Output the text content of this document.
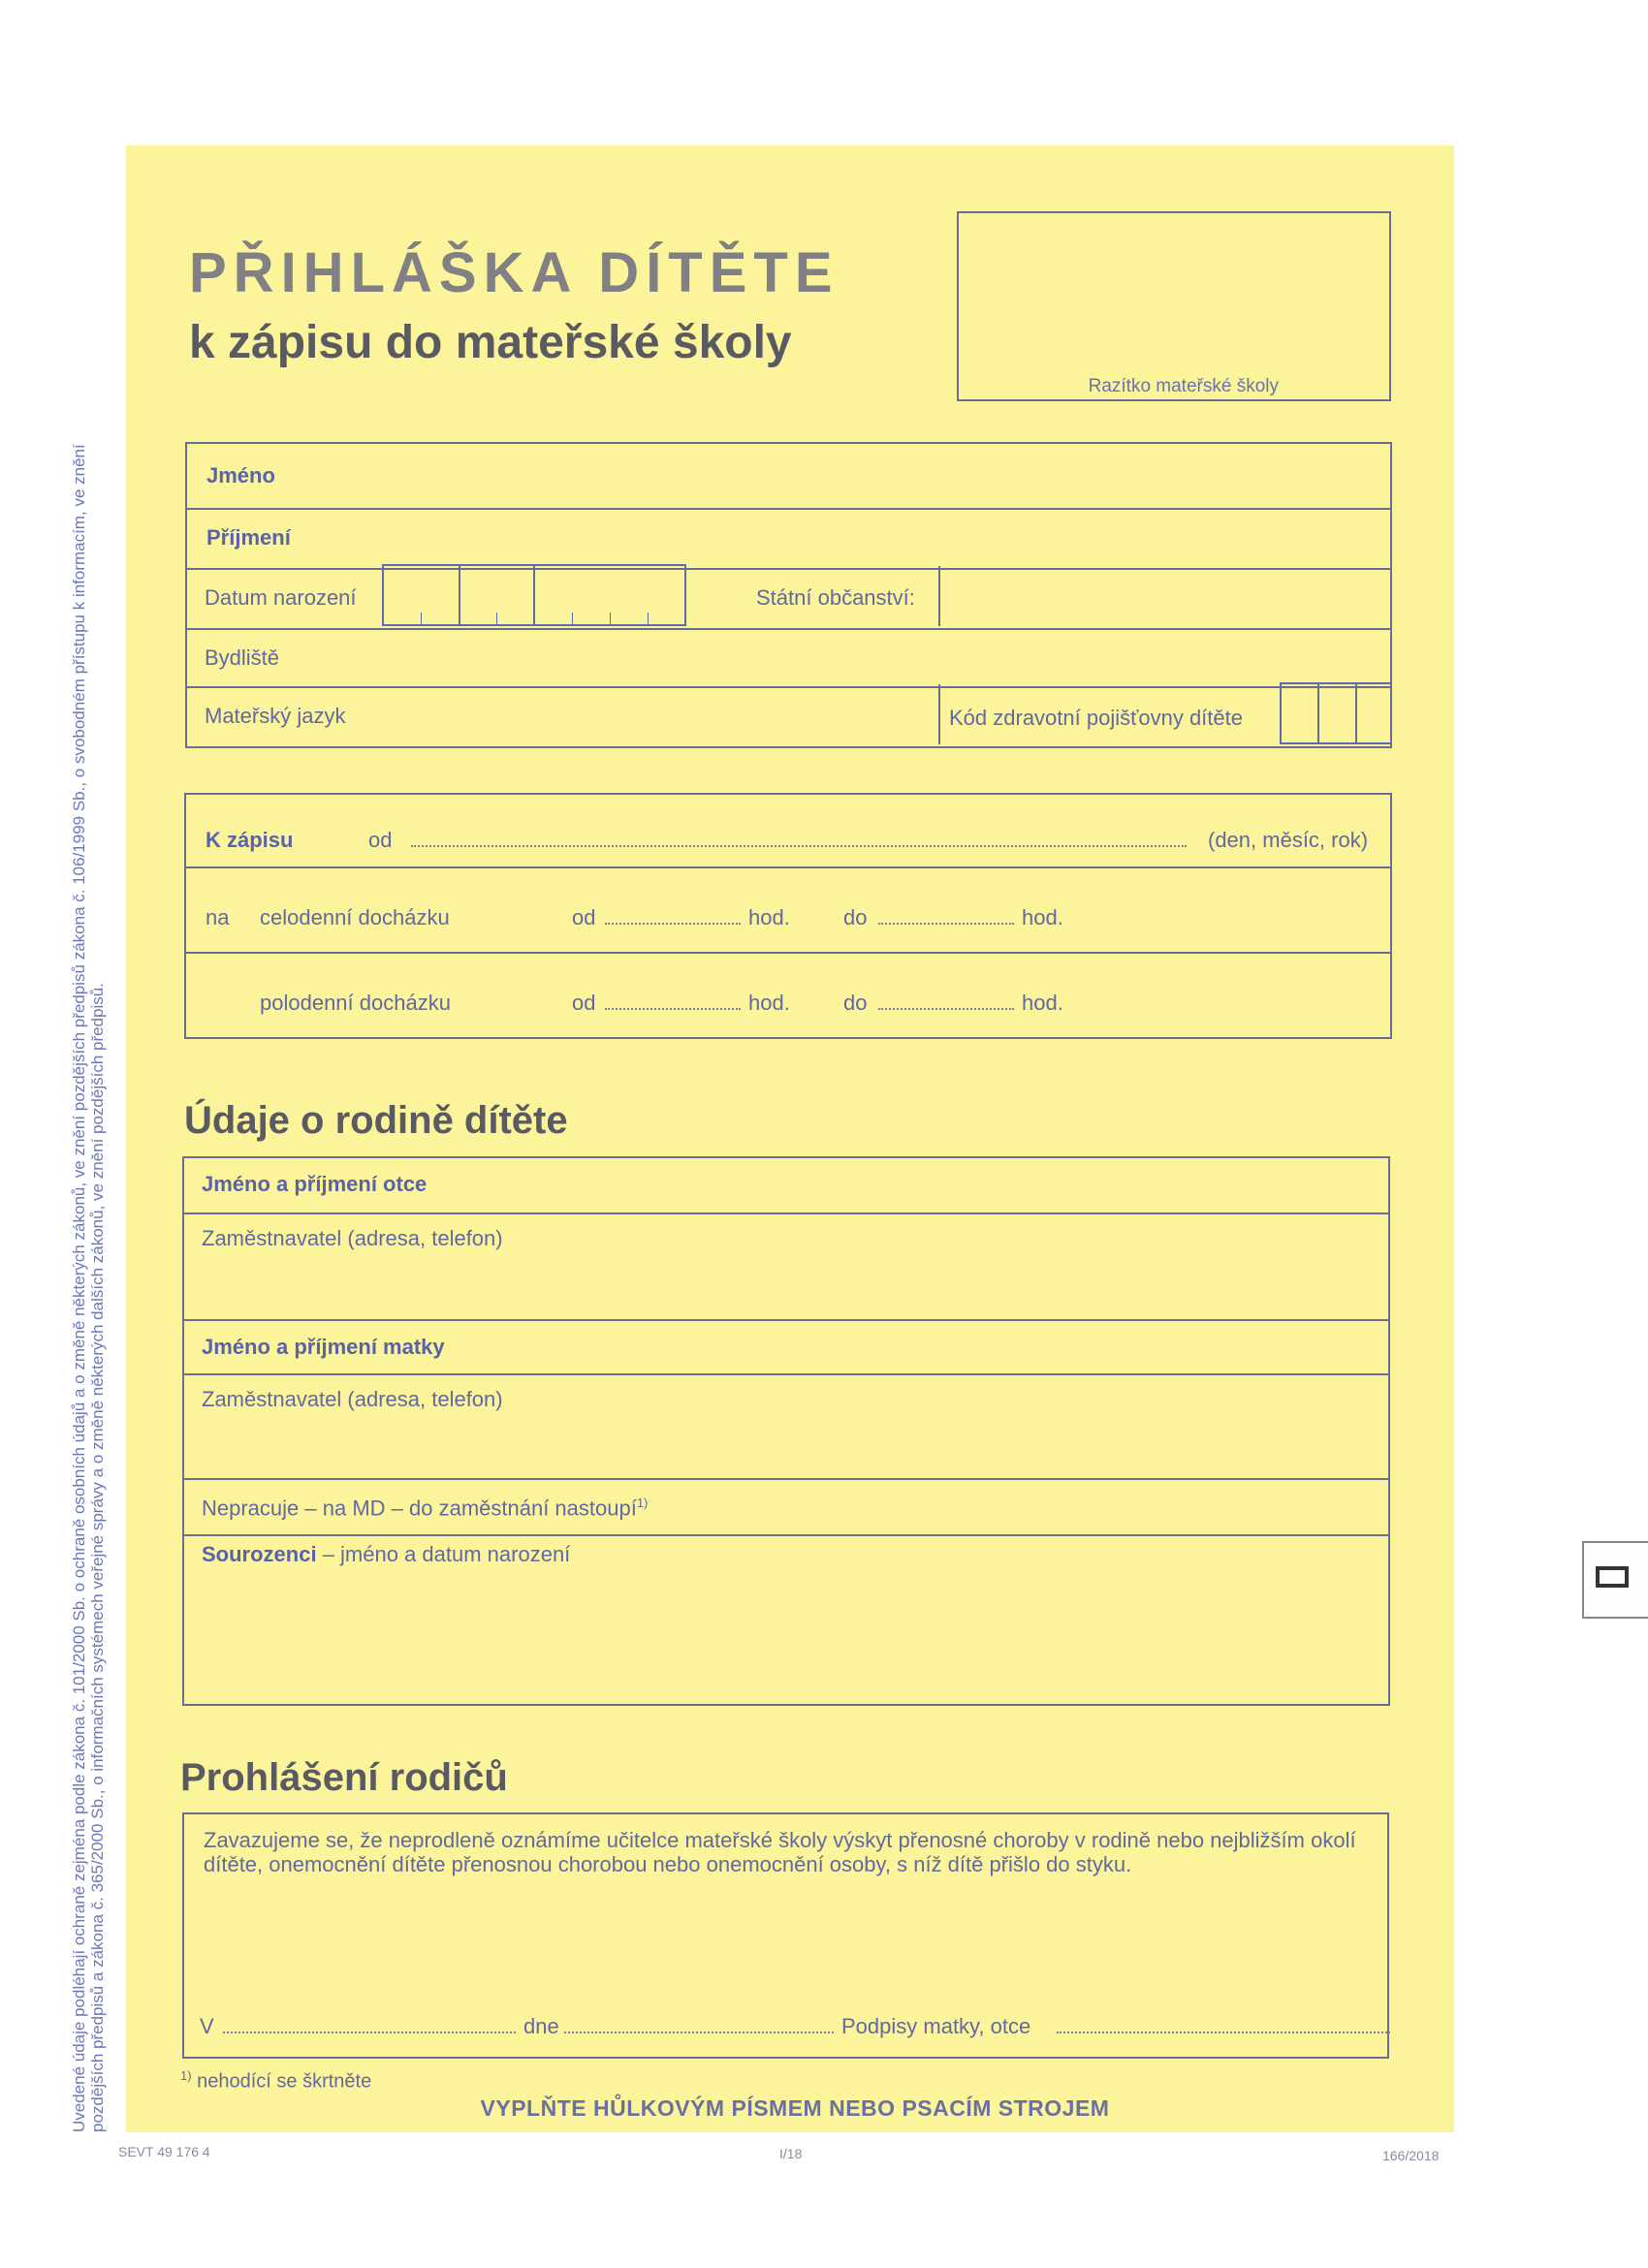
Uvedené údaje podléhají ochraně zejména podle zákona č. 101/2000 Sb. o ochraně osobních údajů a o změně některých zákonů, ve znění pozdějších předpisů zákona č. 106/1999 Sb., o svobodném přístupu k informacím, ve znění pozdějších předpisů a zákona č. 365/2000 Sb., o informačních systémech veřejné správy a o změně některých dalších zákonů, ve znění pozdějších předpisů.
PŘIHLÁŠKA DÍTĚTE
k zápisu do mateřské školy
Razítko mateřské školy
Jméno
Příjmení
Datum narození	Státní občanství:
Bydliště
Mateřský jazyk	Kód zdravotní pojišťovny dítěte
K zápisu	od	(den, měsíc, rok)
na celodenní docházku	od	hod.	do	hod.
polodenní docházku	od	hod.	do	hod.
Údaje o rodině dítěte
Jméno a příjmení otce
Zaměstnavatel (adresa, telefon)
Jméno a příjmení matky
Zaměstnavatel (adresa, telefon)
Nepracuje – na MD – do zaměstnání nastoupí$^{1)}$
Sourozenci – jméno a datum narození
Prohlášení rodičů
Zavazujeme se, že neprodleně oznámíme učitelce mateřské školy výskyt přenosné choroby v rodině nebo nejbližším okolí dítěte, onemocnění dítěte přenosnou chorobou nebo onemocnění osoby, s níž dítě přišlo do styku.
V	dne	Podpisy matky, otce
$^{1)}$ nehodící se škrtněte
VYPLŇTE HŮLKOVÝM PÍSMEM NEBO PSACÍM STROJEM
SEVT 49 176 4	I/18	166/2018
